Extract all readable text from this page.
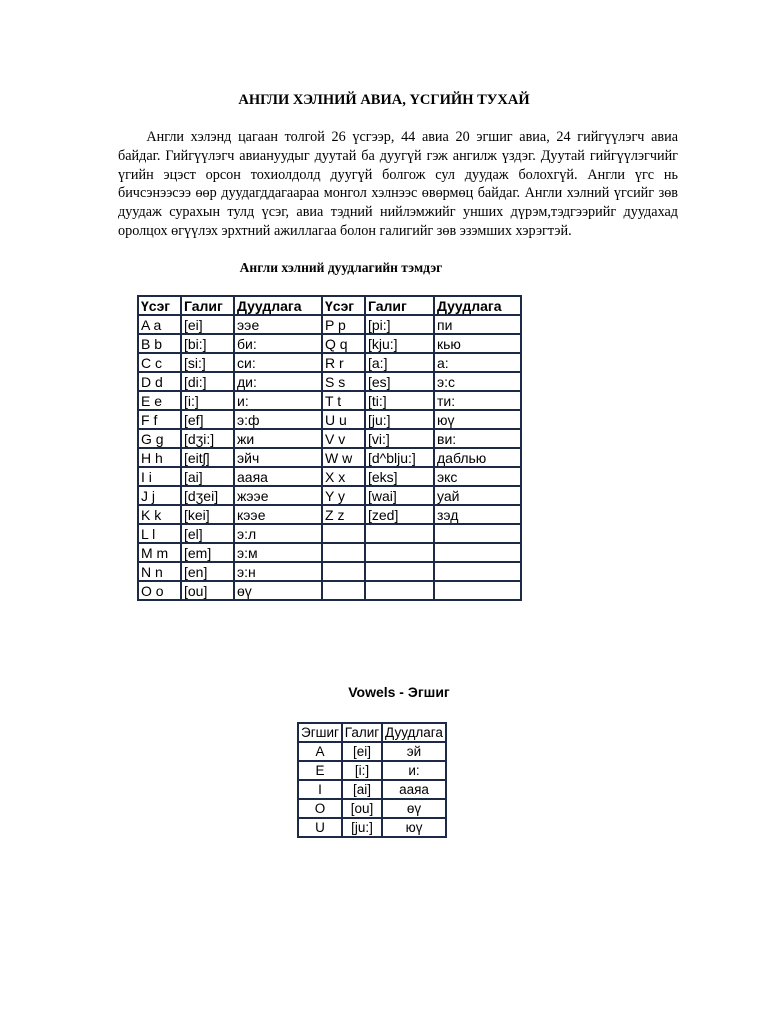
АНГЛИ ХЭЛНИЙ АВИА, ҮСГИЙН ТУХАЙ

Англи хэлэнд цагаан толгой 26 үсгээр, 44 авиа 20 эгшиг авиа, 24 гийгүүлэгч авиа байдаг. Гийгүүлэгч авиануудыг дуутай ба дуугүй гэж ангилж үздэг. Дуутай гийгүүлэгчийг үгийн эцэст орсон тохиолдолд дуугүй болгож сул дуудаж болохгүй. Англи үгс нь бичсэнээсээ өөр дуудагддагаараа монгол хэлнээс өвөрмөц байдаг. Англи хэлний үгсийг зөв дуудаж сурахын тулд үсэг, авиа тэдний нийлэмжийг унших дүрэм,тэдгээрийг дуудахад оролцох өгүүлэх эрхтний ажиллагаа болон галигийг зөв эзэмших хэрэгтэй.

Англи хэлний дуудлагийн тэмдэг
Үсэг	Галиг	Дуудлага	Үсэг	Галиг	Дуудлага
A a	[ei]	ээе	P p	[pi:]	пи
B b	[bi:]	би:	Q q	[kju:]	кью
C c	[si:]	си:	R r	[a:]	а:
D d	[di:]	ди:	S s	[es]	э:с
E e	[i:]	и:	T t	[ti:]	ти:
F f	[ef]	э:ф	U u	[ju:]	юү
G g	[dʒi:]	жи	V v	[vi:]	ви:
H h	[eitʃ]	эйч	W w	[d^blju:]	даблью
I i	[ai]	ааяа	X x	[eks]	экс
J j	[dʒei]	жээе	Y y	[wai]	уай
K k	[kei]	кээе	Z z	[zed]	зэд
L l	[el]	э:л			
M m	[em]	э:м			
N n	[en]	э:н			
O o	[ou]	өү			
Vowels - Эгшиг
Эгшиг	Галиг	Дуудлага
A	[ei]	эй
E	[i:]	и:
I	[ai]	ааяа
O	[ou]	өү
U	[ju:]	юү
